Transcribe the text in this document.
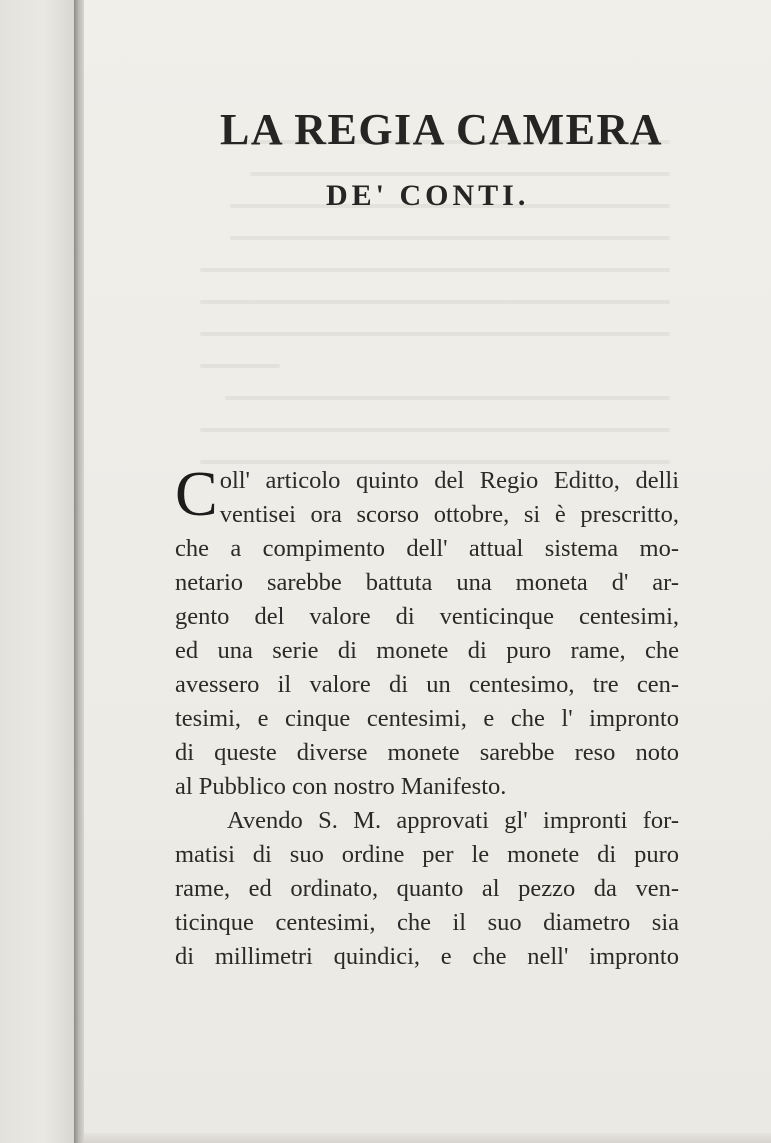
LA REGIA CAMERA
DE' CONTI.
C oll' articolo quinto del Regio Editto, delli
ventisei ora scorso ottobre, si è prescritto,
che a compimento dell' attual sistema mo-
netario sarebbe battuta una moneta d' ar-
gento del valore di venticinque centesimi,
ed una serie di monete di puro rame, che
avessero il valore di un centesimo, tre cen-
tesimi, e cinque centesimi, e che l' impronto
di queste diverse monete sarebbe reso noto
al Pubblico con nostro Manifesto.
Avendo S. M. approvati gl' impronti for-
matisi di suo ordine per le monete di puro
rame, ed ordinato, quanto al pezzo da ven-
ticinque centesimi, che il suo diametro sia
di millimetri quindici, e che nell' impronto
